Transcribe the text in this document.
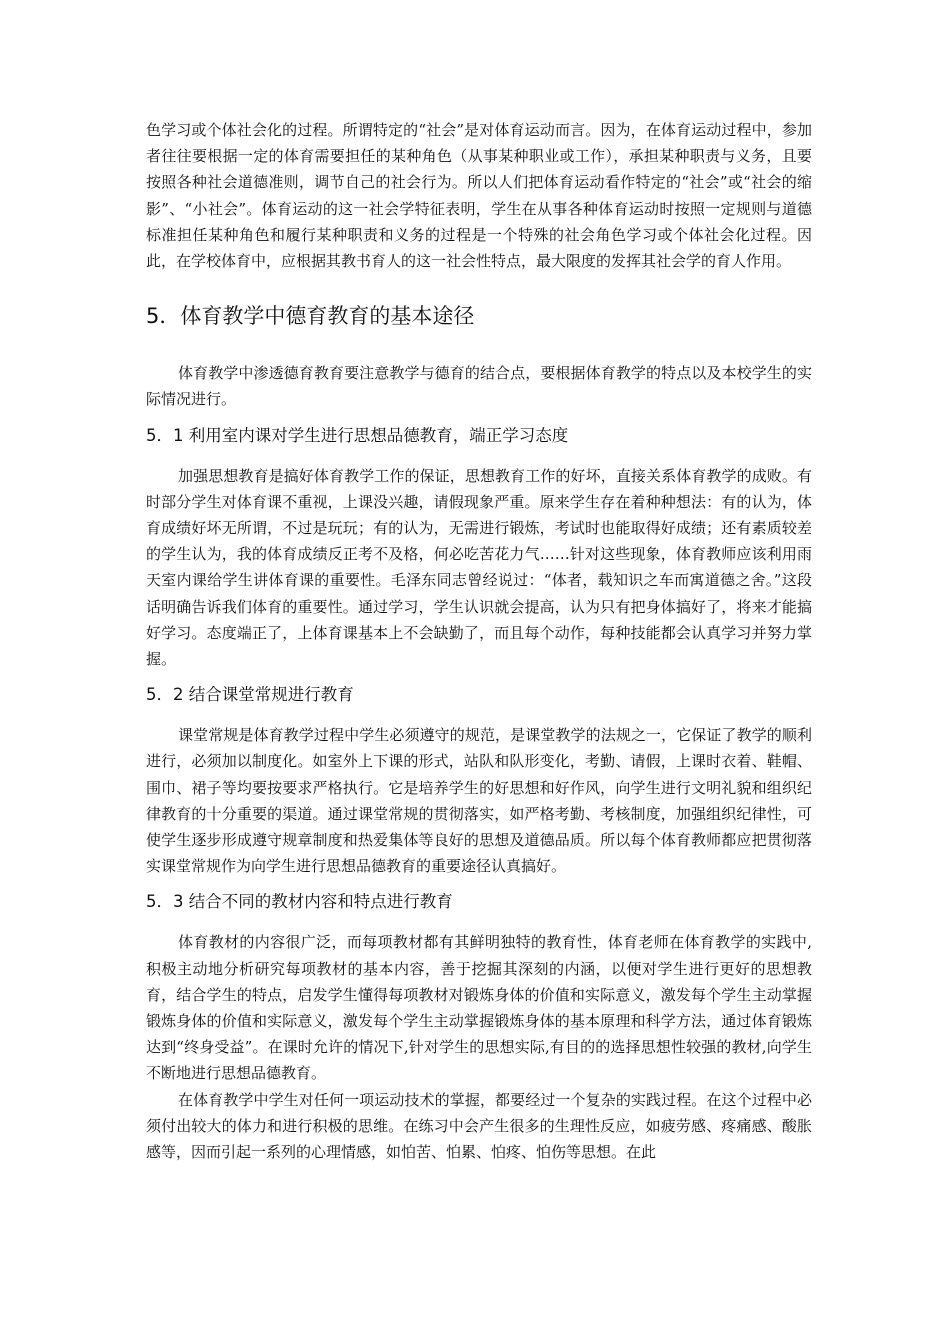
色学习或个体社会化的过程。所谓特定的“社会”是对体育运动而言。因为，在体育运动过程中，参加者往往要根据一定的体育需要担任的某种角色（从事某种职业或工作），承担某种职责与义务，且要按照各种社会道德准则，调节自己的社会行为。所以人们把体育运动看作特定的“社会”或“社会的缩影”、“小社会”。体育运动的这一社会学特征表明，学生在从事各种体育运动时按照一定规则与道德标准担任某种角色和履行某种职责和义务的过程是一个特殊的社会角色学习或个体社会化过程。因此，在学校体育中，应根据其教书育人的这一社会性特点，最大限度的发挥其社会学的育人作用。

5．体育教学中德育教育的基本途径

体育教学中渗透德育教育要注意教学与德育的结合点，要根据体育教学的特点以及本校学生的实际情况进行。

5．1 利用室内课对学生进行思想品德教育，端正学习态度

加强思想教育是搞好体育教学工作的保证，思想教育工作的好坏，直接关系体育教学的成败。有时部分学生对体育课不重视，上课没兴趣，请假现象严重。原来学生存在着种种想法：有的认为，体育成绩好坏无所谓，不过是玩玩；有的认为，无需进行锻炼，考试时也能取得好成绩；还有素质较差的学生认为，我的体育成绩反正考不及格，何必吃苦花力气……针对这些现象，体育教师应该利用雨天室内课给学生讲体育课的重要性。毛泽东同志曾经说过：“体者，载知识之车而寓道德之舍。”这段话明确告诉我们体育的重要性。通过学习，学生认识就会提高，认为只有把身体搞好了，将来才能搞好学习。态度端正了，上体育课基本上不会缺勤了，而且每个动作，每种技能都会认真学习并努力掌握。

5．2 结合课堂常规进行教育

课堂常规是体育教学过程中学生必须遵守的规范，是课堂教学的法规之一，它保证了教学的顺利进行，必须加以制度化。如室外上下课的形式，站队和队形变化，考勤、请假，上课时衣着、鞋帽、围巾、裙子等均要按要求严格执行。它是培养学生的好思想和好作风，向学生进行文明礼貌和组织纪律教育的十分重要的渠道。通过课堂常规的贯彻落实，如严格考勤、考核制度，加强组织纪律性，可使学生逐步形成遵守规章制度和热爱集体等良好的思想及道德品质。所以每个体育教师都应把贯彻落实课堂常规作为向学生进行思想品德教育的重要途径认真搞好。

5．3 结合不同的教材内容和特点进行教育

体育教材的内容很广泛，而每项教材都有其鲜明独特的教育性，体育老师在体育教学的实践中,积极主动地分析研究每项教材的基本内容，善于挖掘其深刻的内涵，以便对学生进行更好的思想教育，结合学生的特点，启发学生懂得每项教材对锻炼身体的价值和实际意义，激发每个学生主动掌握锻炼身体的价值和实际意义，激发每个学生主动掌握锻炼身体的基本原理和科学方法，通过体育锻炼达到“终身受益”。在课时允许的情况下,针对学生的思想实际,有目的的选择思想性较强的教材,向学生不断地进行思想品德教育。

在体育教学中学生对任何一项运动技术的掌握，都要经过一个复杂的实践过程。在这个过程中必须付出较大的体力和进行积极的思维。在练习中会产生很多的生理性反应，如疲劳感、疼痛感、酸胀感等，因而引起一系列的心理情感，如怕苦、怕累、怕疼、怕伤等思想。在此
